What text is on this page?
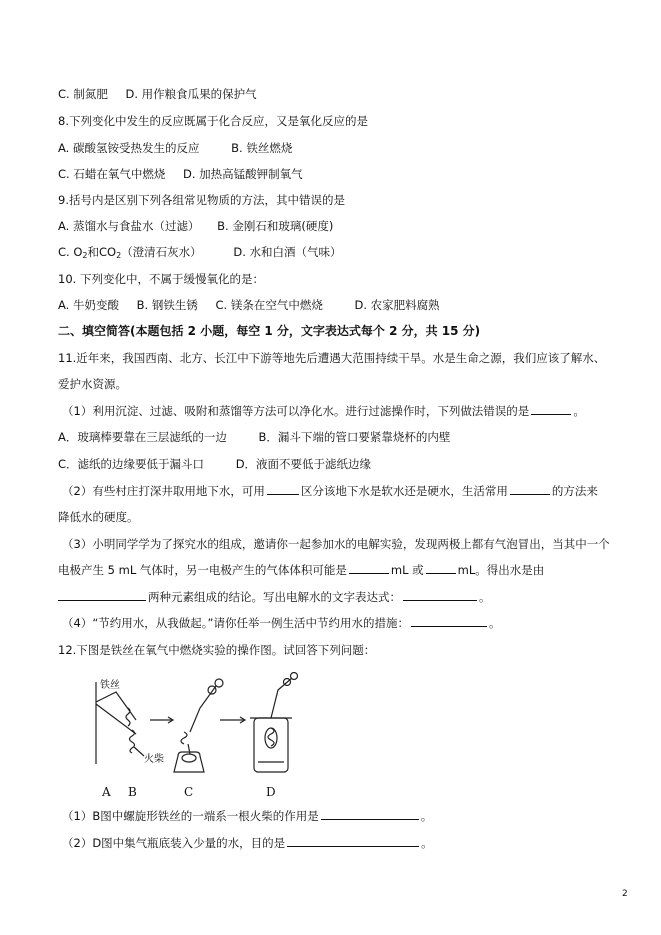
C. 制氮肥 D. 用作粮食瓜果的保护气
8.下列变化中发生的反应既属于化合反应，又是氧化反应的是
A. 碳酸氢铵受热发生的反应	B. 铁丝燃烧
C. 石蜡在氧气中燃烧 D. 加热高锰酸钾制氧气
9.括号内是区别下列各组常见物质的方法，其中错误的是
A. 蒸馏水与食盐水（过滤） B. 金刚石和玻璃(硬度)
C. $O_2$和$CO_2$（澄清石灰水）	D. 水和白酒（气味）
10. 下列变化中，不属于缓慢氧化的是：
A. 牛奶变酸 B. 钢铁生锈 C. 镁条在空气中燃烧	D. 农家肥料腐熟
二、填空简答(本题包括 2 小题，每空 1 分，文字表达式每个 2 分，共 15 分)
11.近年来，我国西南、北方、长江中下游等地先后遭遇大范围持续干旱。水是生命之源，我们应该了解水、
爱护水资源。
（1）利用沉淀、过滤、吸附和蒸馏等方法可以净化水。进行过滤操作时，下列做法错误的是	。
A．玻璃棒要靠在三层滤纸的一边	B．漏斗下端的管口要紧靠烧杯的内壁
C．滤纸的边缘要低于漏斗口	D．液面不要低于滤纸边缘
（2）有些村庄打深井取用地下水，可用	区分该地下水是软水还是硬水，生活常用	的方法来
降低水的硬度。
（3）小明同学学为了探究水的组成，邀请你一起参加水的电解实验，发现两极上都有气泡冒出，当其中一个
电极产生 5 mL 气体时，另一电极产生的气体体积可能是	mL 或	mL。得出水是由
两种元素组成的结论。写出电解水的文字表达式：	。
（4）“节约用水，从我做起。”请你任举一例生活中节约用水的措施：	。
12.下图是铁丝在氧气中燃烧实验的操作图。试回答下列问题：
铁丝
火柴
A B	C	D
（1）B图中螺旋形铁丝的一端系一根火柴的作用是	。
（2）D图中集气瓶底装入少量的水，目的是	。
2
